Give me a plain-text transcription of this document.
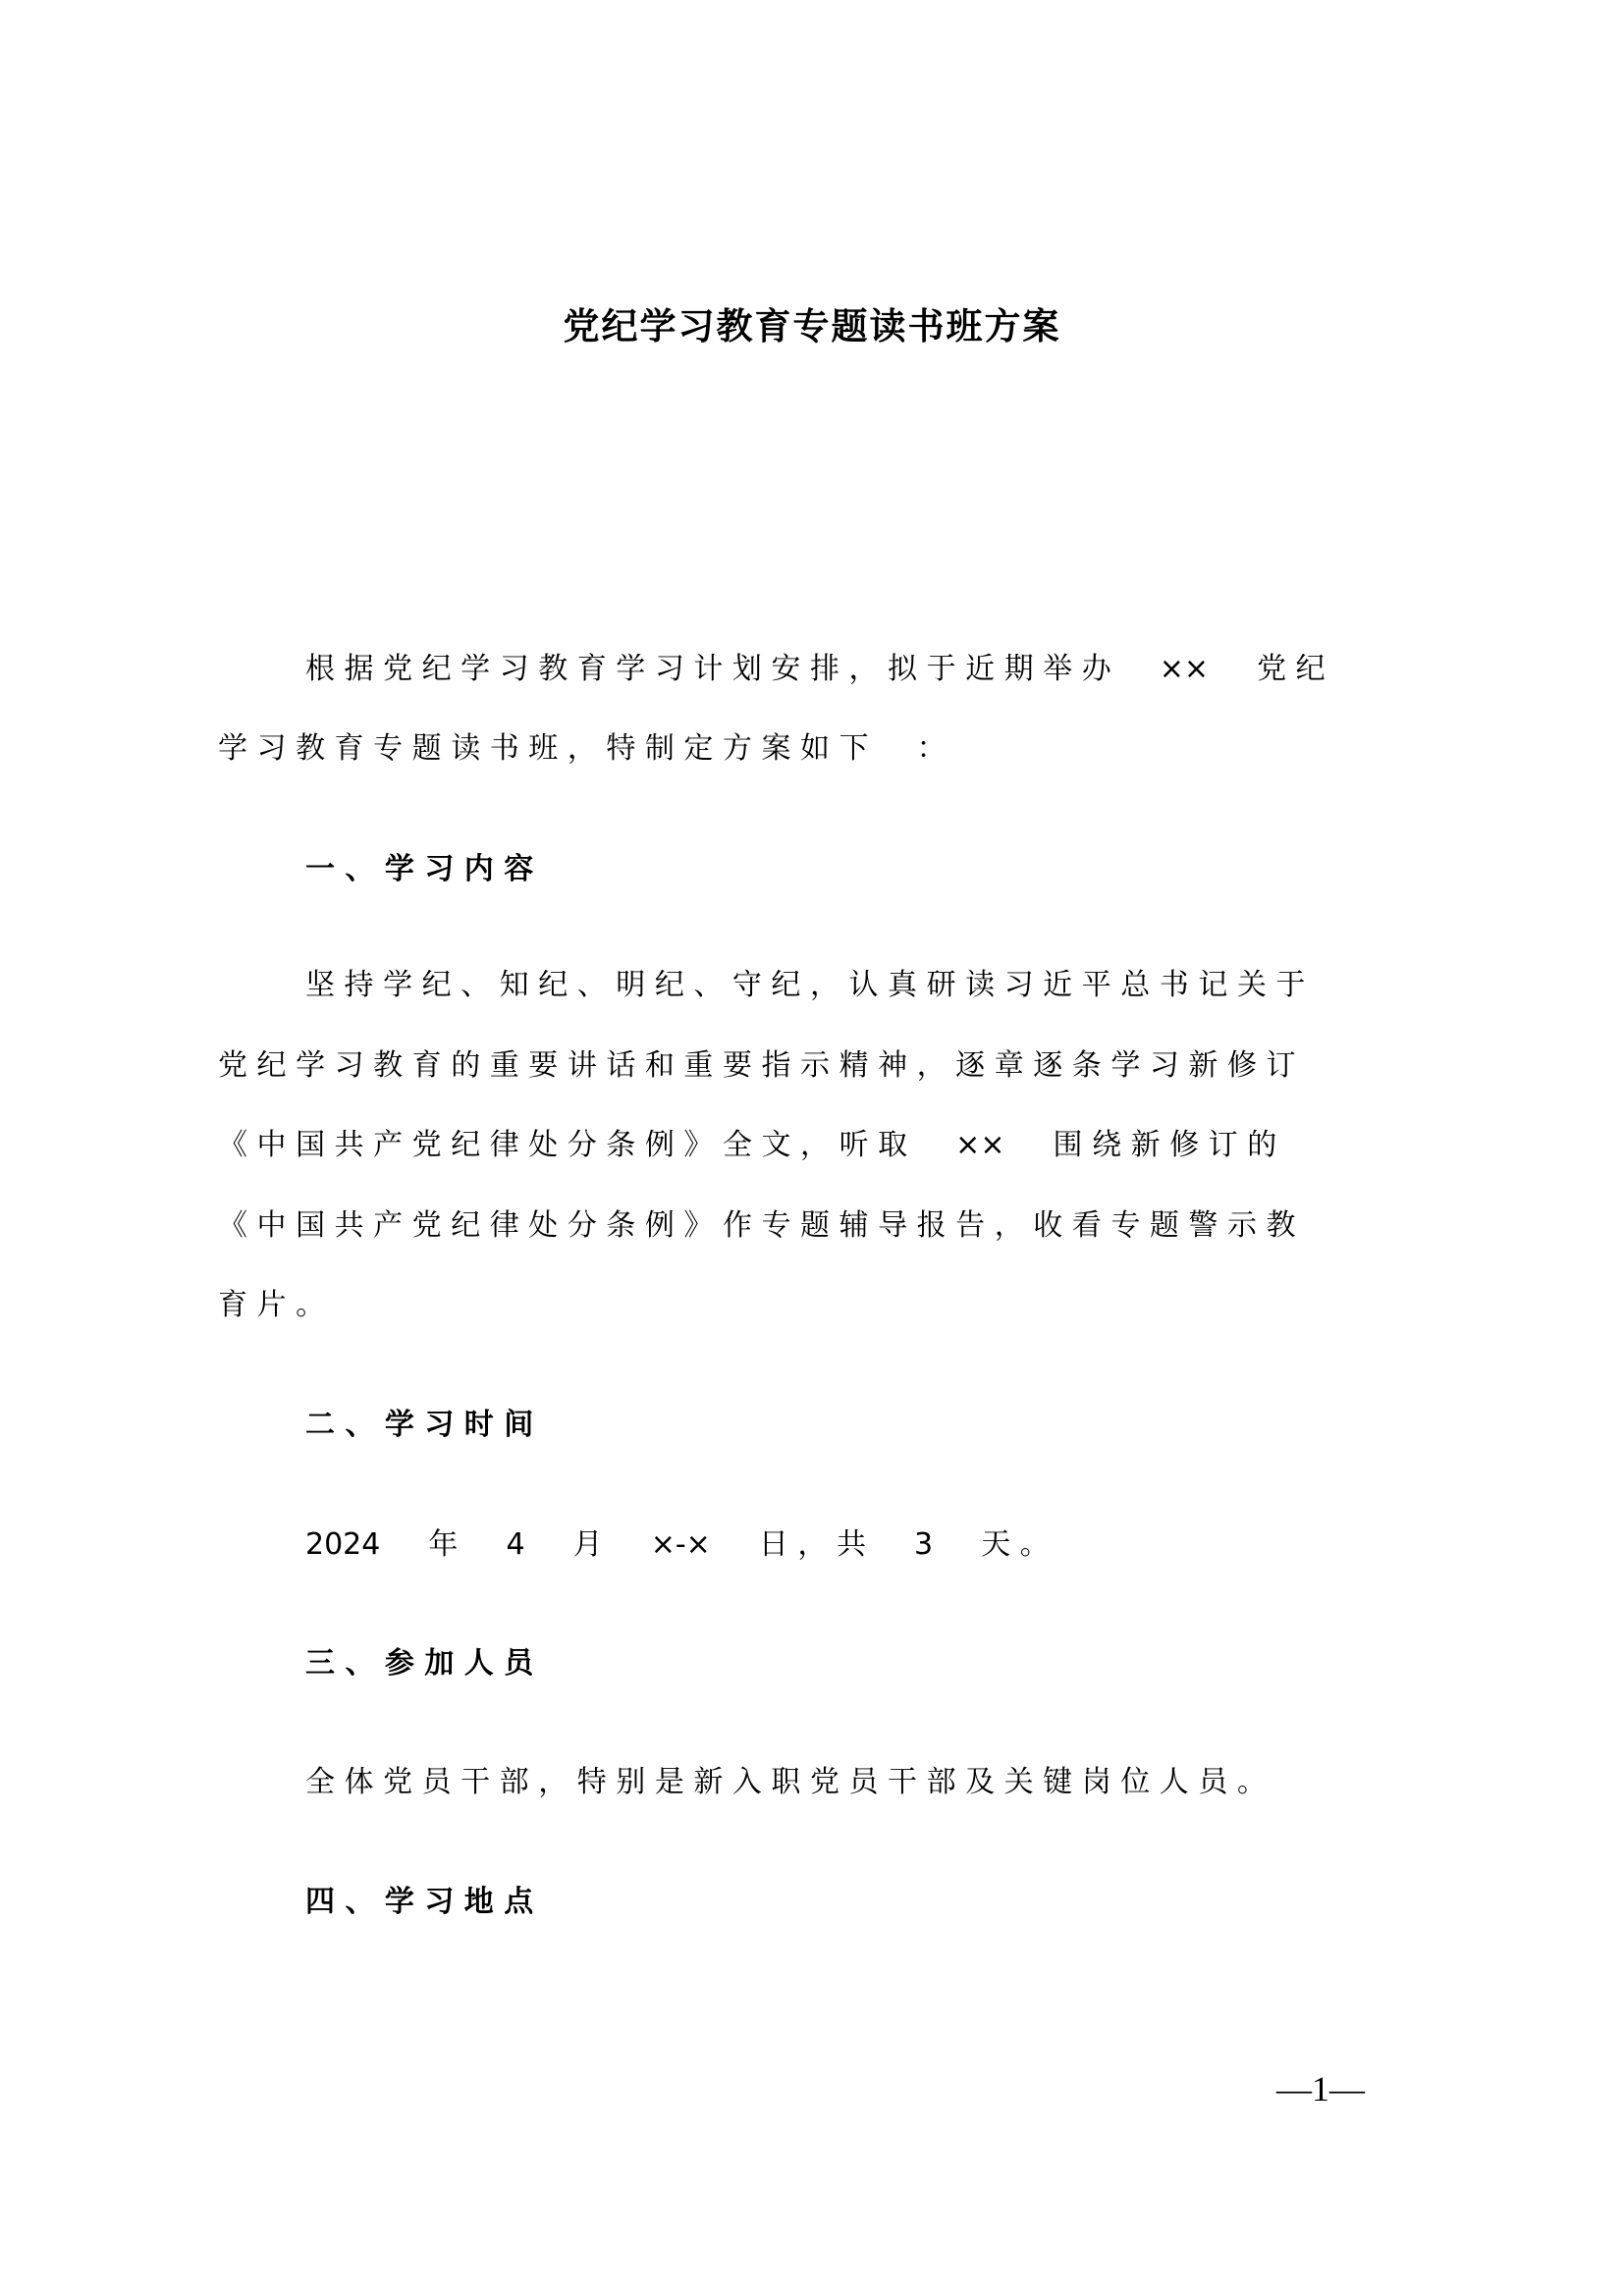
党纪学习教育专题读书班方案

根 据 党 纪 学 习 教 育 学 习 计 划 安 排 ， 拟 于 近 期 举 办 　 ×× 　 党 纪

学 习 教 育 专 题 读 书 班 ， 特 制 定 方 案 如 下 　 ：

一 、 学 习 内 容

坚 持 学 纪 、 知 纪 、 明 纪 、 守 纪 ， 认 真 研 读 习 近 平 总 书 记 关 于

党 纪 学 习 教 育 的 重 要 讲 话 和 重 要 指 示 精 神 ， 逐 章 逐 条 学 习 新 修 订

《 中 国 共 产 党 纪 律 处 分 条 例 》 全 文 ， 听 取 　 ×× 　 围 绕 新 修 订 的

《 中 国 共 产 党 纪 律 处 分 条 例 》 作 专 题 辅 导 报 告 ， 收 看 专 题 警 示 教

育 片 。

二 、 学 习 时 间

2024 　 年 　 4 　 月 　 ×-× 　 日 ， 共 　 3 　 天 。

三 、 参 加 人 员

全 体 党 员 干 部 ， 特 别 是 新 入 职 党 员 干 部 及 关 键 岗 位 人 员 。

四 、 学 习 地 点

—1—
